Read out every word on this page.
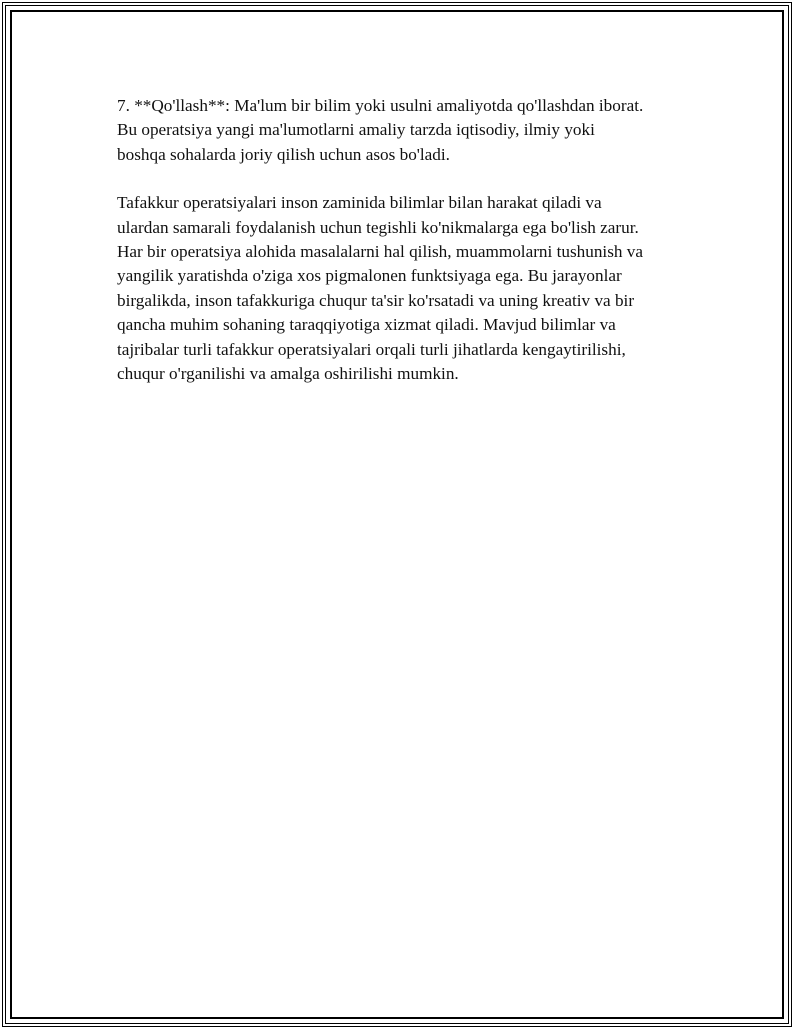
7. **Qo'llash**: Ma'lum bir bilim yoki usulni amaliyotda qo'llashdan iborat.
Bu operatsiya yangi ma'lumotlarni amaliy tarzda iqtisodiy, ilmiy yoki
boshqa sohalarda joriy qilish uchun asos bo'ladi.

Tafakkur operatsiyalari inson zaminida bilimlar bilan harakat qiladi va
ulardan samarali foydalanish uchun tegishli ko'nikmalarga ega bo'lish zarur.
Har bir operatsiya alohida masalalarni hal qilish, muammolarni tushunish va
yangilik yaratishda o'ziga xos pigmalonen funktsiyaga ega. Bu jarayonlar
birgalikda, inson tafakkuriga chuqur ta'sir ko'rsatadi va uning kreativ va bir
qancha muhim sohaning taraqqiyotiga xizmat qiladi. Mavjud bilimlar va
tajribalar turli tafakkur operatsiyalari orqali turli jihatlarda kengaytirilishi,
chuqur o'rganilishi va amalga oshirilishi mumkin.
